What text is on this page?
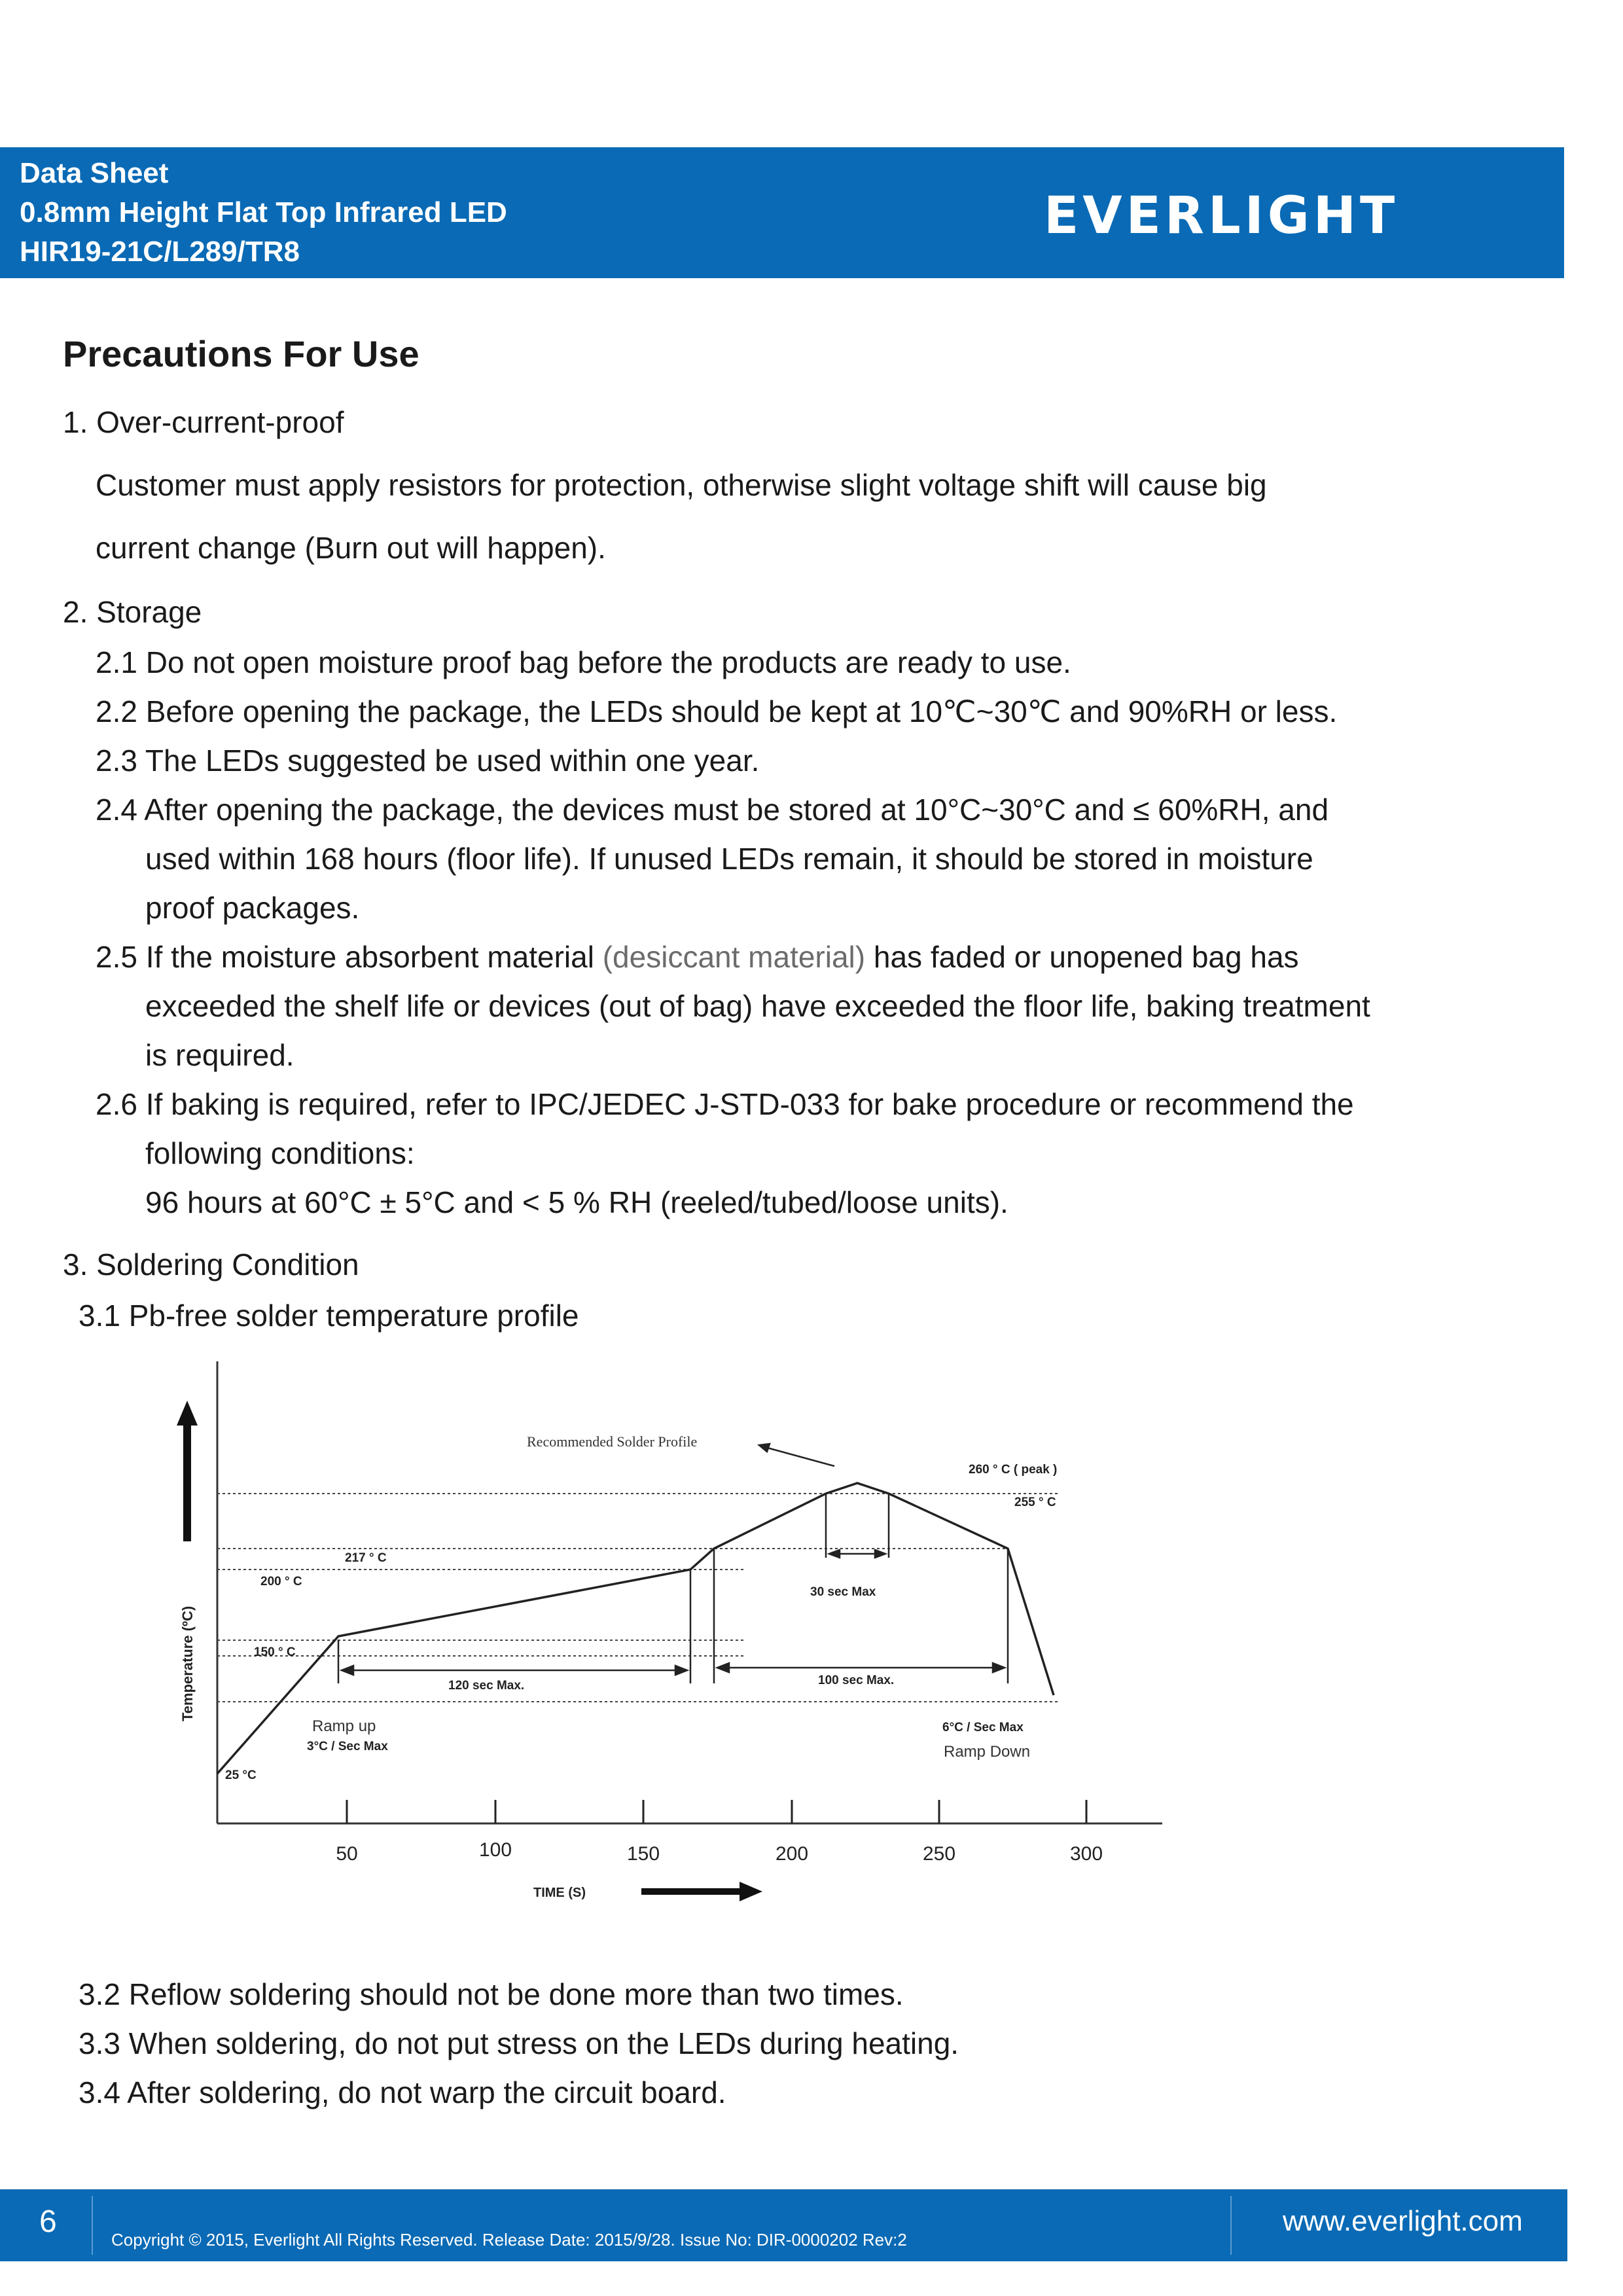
Data Sheet
0.8mm Height Flat Top Infrared LED
HIR19-21C/L289/TR8
EVERLIGHT
Precautions For Use
1. Over-current-proof
Customer must apply resistors for protection, otherwise slight voltage shift will cause big
current change (Burn out will happen).
2. Storage
2.1 Do not open moisture proof bag before the products are ready to use.
2.2 Before opening the package, the LEDs should be kept at 10℃~30℃ and 90%RH or less.
2.3 The LEDs suggested be used within one year.
2.4 After opening the package, the devices must be stored at 10°C~30°C and ≤ 60%RH, and
used within 168 hours (floor life). If unused LEDs remain, it should be stored in moisture
proof packages.
2.5 If the moisture absorbent material (desiccant material) has faded or unopened bag has
exceeded the shelf life or devices (out of bag) have exceeded the floor life, baking treatment
is required.
2.6 If baking is required, refer to IPC/JEDEC J-STD-033 for bake procedure or recommend the
following conditions:
96 hours at 60°C ± 5°C and < 5 % RH (reeled/tubed/loose units).
3. Soldering Condition
3.1 Pb-free solder temperature profile
50	100	150	200	250	300
Recommended Solder Profile
TIME (S)
Temperature (ºC)
25 °C
150 ° C
200 ° C
217 ° C
255 ° C
260 ° C ( peak )
120 sec Max.	100 sec Max.
30 sec Max
3°C / Sec Max
6°C / Sec Max
Ramp up
Ramp Down
3.2 Reflow soldering should not be done more than two times.
3.3 When soldering, do not put stress on the LEDs during heating.
3.4 After soldering, do not warp the circuit board.
6
Copyright © 2015, Everlight All Rights Reserved. Release Date: 2015/9/28. Issue No: DIR-0000202 Rev:2
www.everlight.com
